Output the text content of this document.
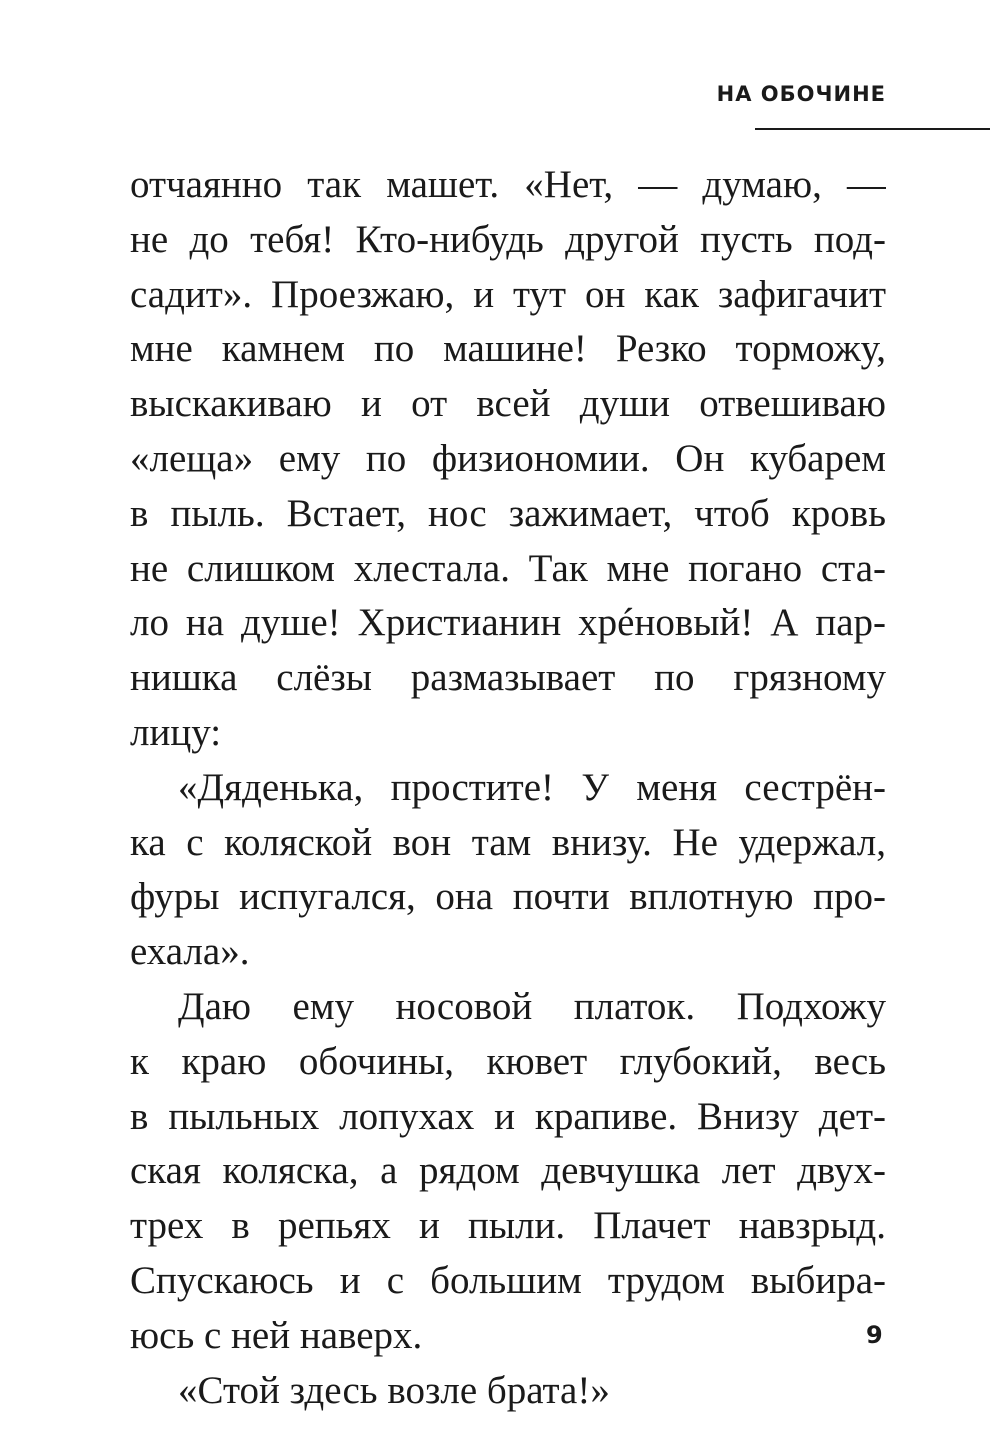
НА ОБОЧИНЕ
отчаянно так машет. «Нет, — думаю, —
не до тебя! Кто-нибудь другой пусть под-
садит». Проезжаю, и тут он как зафигачит
мне камнем по машине! Резко торможу,
выскакиваю и от всей души отвешиваю
«леща» ему по физиономии. Он кубарем
в пыль. Встает, нос зажимает, чтоб кровь
не слишком хлестала. Так мне погано ста-
ло на душе! Христианин хрéновый! А пар-
нишка слёзы размазывает по грязному
лицу:
«Дяденька, простите! У меня сестрён-
ка с коляской вон там внизу. Не удержал,
фуры испугался, она почти вплотную про-
ехала».
Даю ему носовой платок. Подхожу
к краю обочины, кювет глубокий, весь
в пыльных лопухах и крапиве. Внизу дет-
ская коляска, а рядом девчушка лет двух-
трех в репьях и пыли. Плачет навзрыд.
Спускаюсь и с большим трудом выбира-
юсь с ней наверх.
«Стой здесь возле брата!»
9
